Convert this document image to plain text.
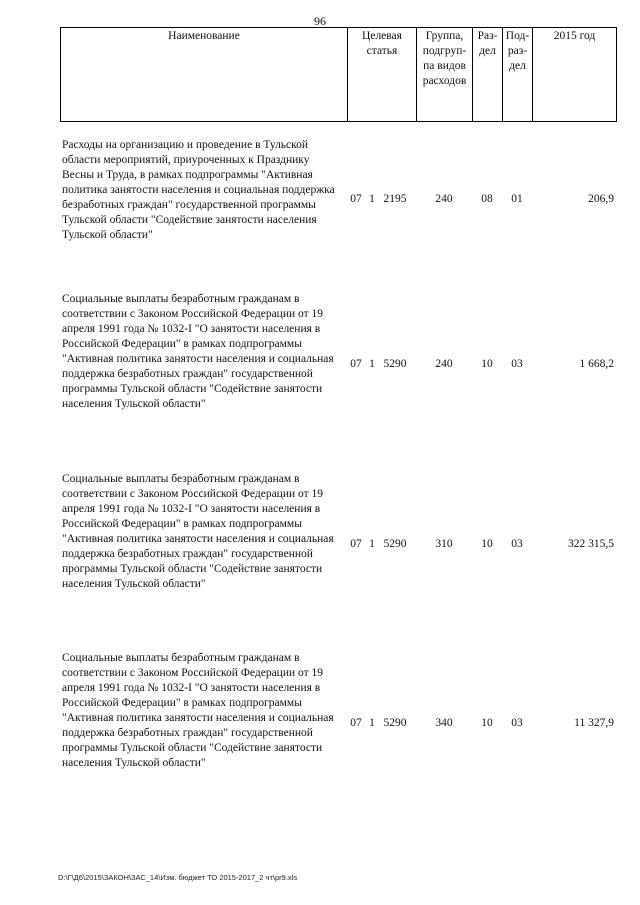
96
Наименование	Целевая статья	Группа, подгруп-па видов расходов	Раз-дел	Под-раз-дел	2015 год
Расходы на организацию и проведение в Тульской области мероприятий, приуроченных к Празднику Весны и Труда, в рамках подпрограммы "Активная политика занятости населения и социальная поддержка безработных граждан" государственной программы Тульской области "Содействие занятости населения Тульской области"
07 1 2195	240	08	01	206,9
Социальные выплаты безработным гражданам в соответствии с Законом Российской Федерации от 19 апреля 1991 года № 1032-I "О занятости населения в Российской Федерации" в рамках подпрограммы "Активная политика занятости населения и социальная поддержка безработных граждан" государственной программы Тульской области "Содействие занятости населения Тульской области"
07 1 5290	240	10	03	1 668,2
Социальные выплаты безработным гражданам в соответствии с Законом Российской Федерации от 19 апреля 1991 года № 1032-I "О занятости населения в Российской Федерации" в рамках подпрограммы "Активная политика занятости населения и социальная поддержка безработных граждан" государственной программы Тульской области "Содействие занятости населения Тульской области"
07 1 5290	310	10	03	322 315,5
Социальные выплаты безработным гражданам в соответствии с Законом Российской Федерации от 19 апреля 1991 года № 1032-I "О занятости населения в Российской Федерации" в рамках подпрограммы "Активная политика занятости населения и социальная поддержка безработных граждан" государственной программы Тульской области "Содействие занятости населения Тульской области"
07 1 5290	340	10	03	11 327,9
D:\Г\Д6\2015\ЗАКОН\ЗАС_14\Изм. бюджет ТО 2015-2017_2 чт\pr9.xls
